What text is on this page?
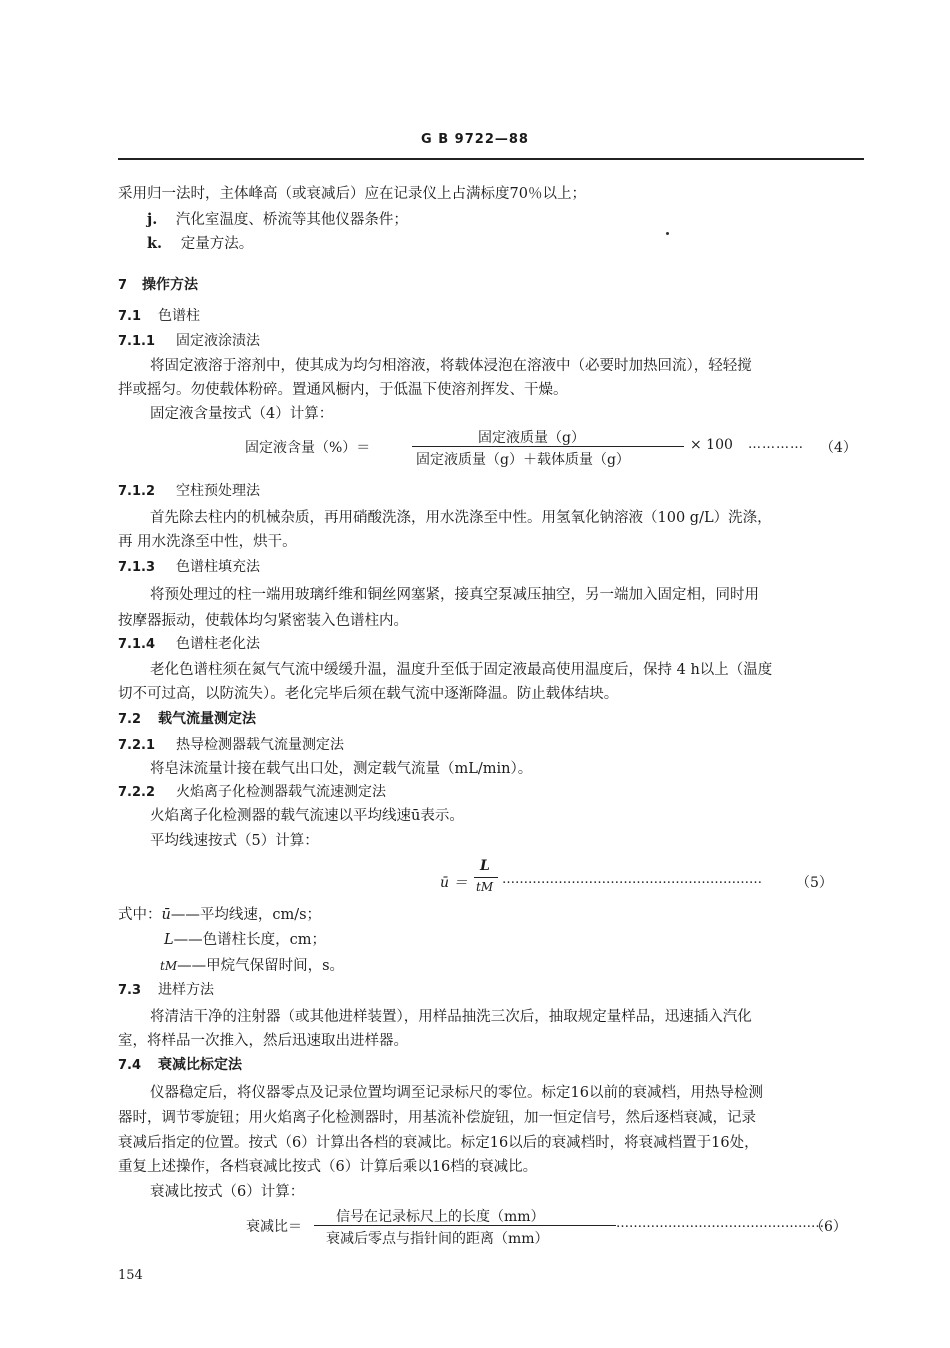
G B 9722—88
采用归一法时，主体峰高（或衰减后）应在记录仪上占满标度70％以上；
j. 汽化室温度、桥流等其他仪器条件；
k. 定量方法。
7 操作方法
7.1 色谱柱
7.1.1 固定液涂渍法
将固定液溶于溶剂中，使其成为均匀相溶液，将载体浸泡在溶液中（必要时加热回流），轻轻搅
拌或摇匀。勿使载体粉碎。置通风橱内，于低温下使溶剂挥发、干燥。
固定液含量按式（4）计算：
固定液含量（%）＝
固定液质量（g）
固定液质量（g）＋载体质量（g）
× 100 ………… （4）
7.1.2 空柱预处理法
首先除去柱内的机械杂质，再用硝酸洗涤，用水洗涤至中性。用氢氧化钠溶液（100 g/L）洗涤，
再 用水洗涤至中性，烘干。
7.1.3 色谱柱填充法
将预处理过的柱一端用玻璃纤维和铜丝网塞紧，接真空泵减压抽空，另一端加入固定相，同时用
按摩器振动，使载体均匀紧密装入色谱柱内。
7.1.4 色谱柱老化法
老化色谱柱须在氮气气流中缓缓升温，温度升至低于固定液最高使用温度后，保持 4 h以上（温度
切不可过高，以防流失）。老化完毕后须在载气流中逐渐降温。防止载体结块。
7.2 载气流量测定法
7.2.1 热导检测器载气流量测定法
将皂沫流量计接在载气出口处，测定载气流量（mL/min）。
7.2.2 火焰离子化检测器载气流速测定法
火焰离子化检测器的载气流速以平均线速ū表示。
平均线速按式（5）计算：
ū ＝
L
tM …………………………………………………… （5）
式中：ū——平均线速，cm/s；
L——色谱柱长度，cm；
tM——甲烷气保留时间，s。
7.3 进样方法
将清洁干净的注射器（或其他进样装置），用样品抽洗三次后，抽取规定量样品，迅速插入汽化
室，将样品一次推入，然后迅速取出进样器。
7.4 衰减比标定法
仪器稳定后，将仪器零点及记录位置均调至记录标尺的零位。标定16以前的衰减档，用热导检测
器时，调节零旋钮；用火焰离子化检测器时，用基流补偿旋钮，加一恒定信号，然后逐档衰减，记录
衰减后指定的位置。按式（6）计算出各档的衰减比。标定16以后的衰减档时，将衰减档置于16处，
重复上述操作，各档衰减比按式（6）计算后乘以16档的衰减比。
衰减比按式（6）计算：
衰减比＝
信号在记录标尺上的长度（mm）
衰减后零点与指针间的距离（mm）
…………………………………………
（6）
154
